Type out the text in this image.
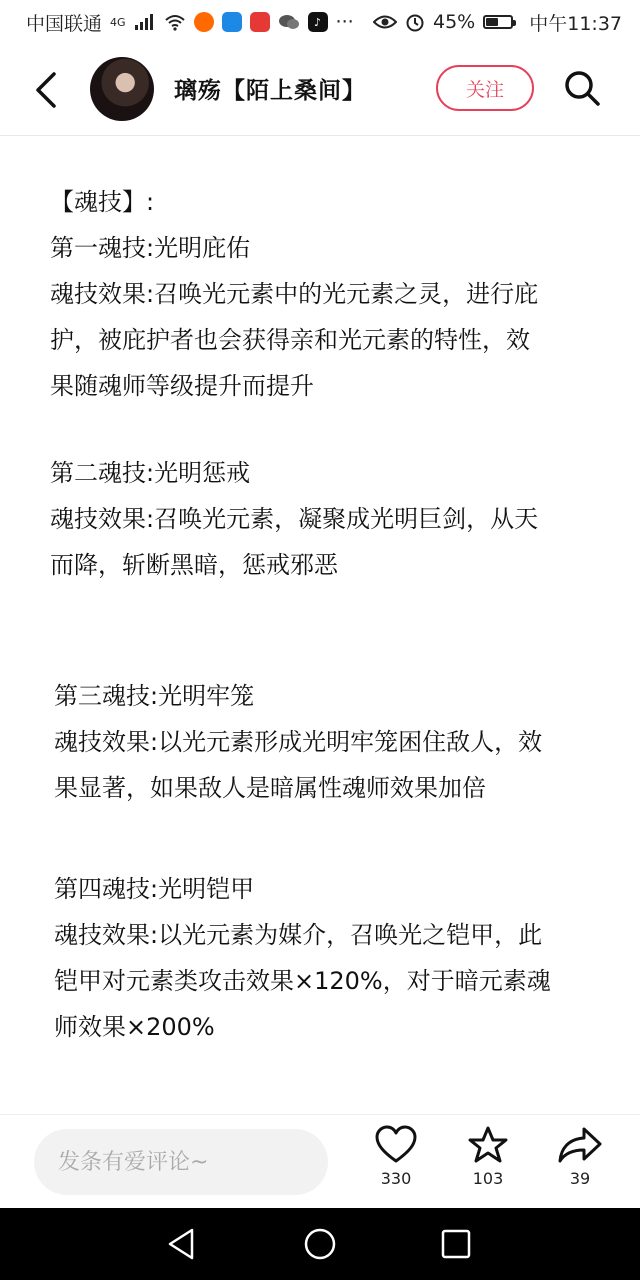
中国联通 4G	♪ ···	45%	中午11:37
璃殇【陌上桑间】	关注
【魂技】:
第一魂技:光明庇佑
魂技效果:召唤光元素中的光元素之灵，进行庇
护，被庇护者也会获得亲和光元素的特性，效
果随魂师等级提升而提升
第二魂技:光明惩戒
魂技效果:召唤光元素，凝聚成光明巨剑，从天
而降，斩断黑暗，惩戒邪恶
第三魂技:光明牢笼
魂技效果:以光元素形成光明牢笼困住敌人，效
果显著，如果敌人是暗属性魂师效果加倍
第四魂技:光明铠甲
魂技效果:以光元素为媒介，召唤光之铠甲，此
铠甲对元素类攻击效果×120%，对于暗元素魂
师效果×200%
发条有爱评论~
330	103	39
